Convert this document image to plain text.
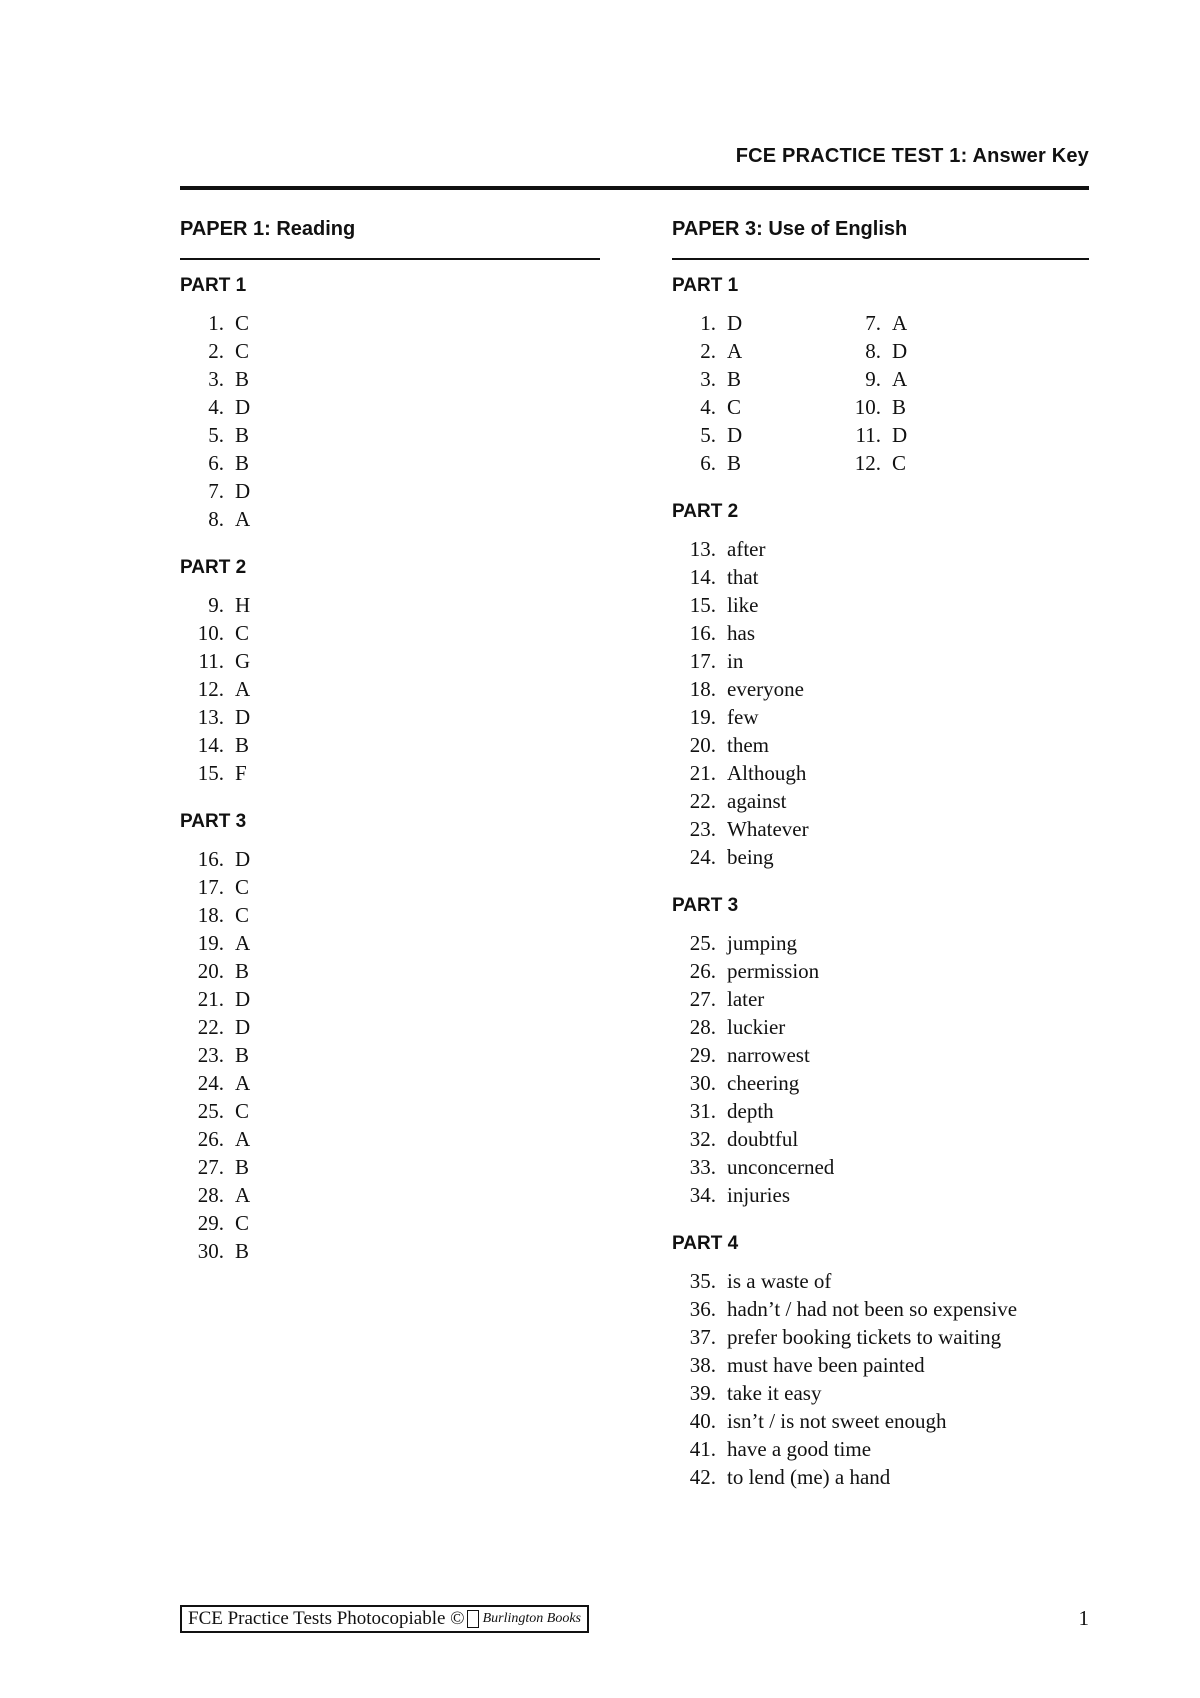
FCE PRACTICE TEST 1: Answer Key
PAPER 1: Reading
PART 1
1. C
2. C
3. B
4. D
5. B
6. B
7. D
8. A
PART 2
9. H
10. C
11. G
12. A
13. D
14. B
15. F
PART 3
16. D
17. C
18. C
19. A
20. B
21. D
22. D
23. B
24. A
25. C
26. A
27. B
28. A
29. C
30. B
PAPER 3: Use of English
PART 1
1. D
2. A
3. B
4. C
5. D
6. B
7. A
8. D
9. A
10. B
11. D
12. C
PART 2
13. after
14. that
15. like
16. has
17. in
18. everyone
19. few
20. them
21. Although
22. against
23. Whatever
24. being
PART 3
25. jumping
26. permission
27. later
28. luckier
29. narrowest
30. cheering
31. depth
32. doubtful
33. unconcerned
34. injuries
PART 4
35. is a waste of
36. hadn’t / had not been so expensive
37. prefer booking tickets to waiting
38. must have been painted
39. take it easy
40. isn’t / is not sweet enough
41. have a good time
42. to lend (me) a hand
FCE Practice Tests Photocopiable © Burlington Books	1
